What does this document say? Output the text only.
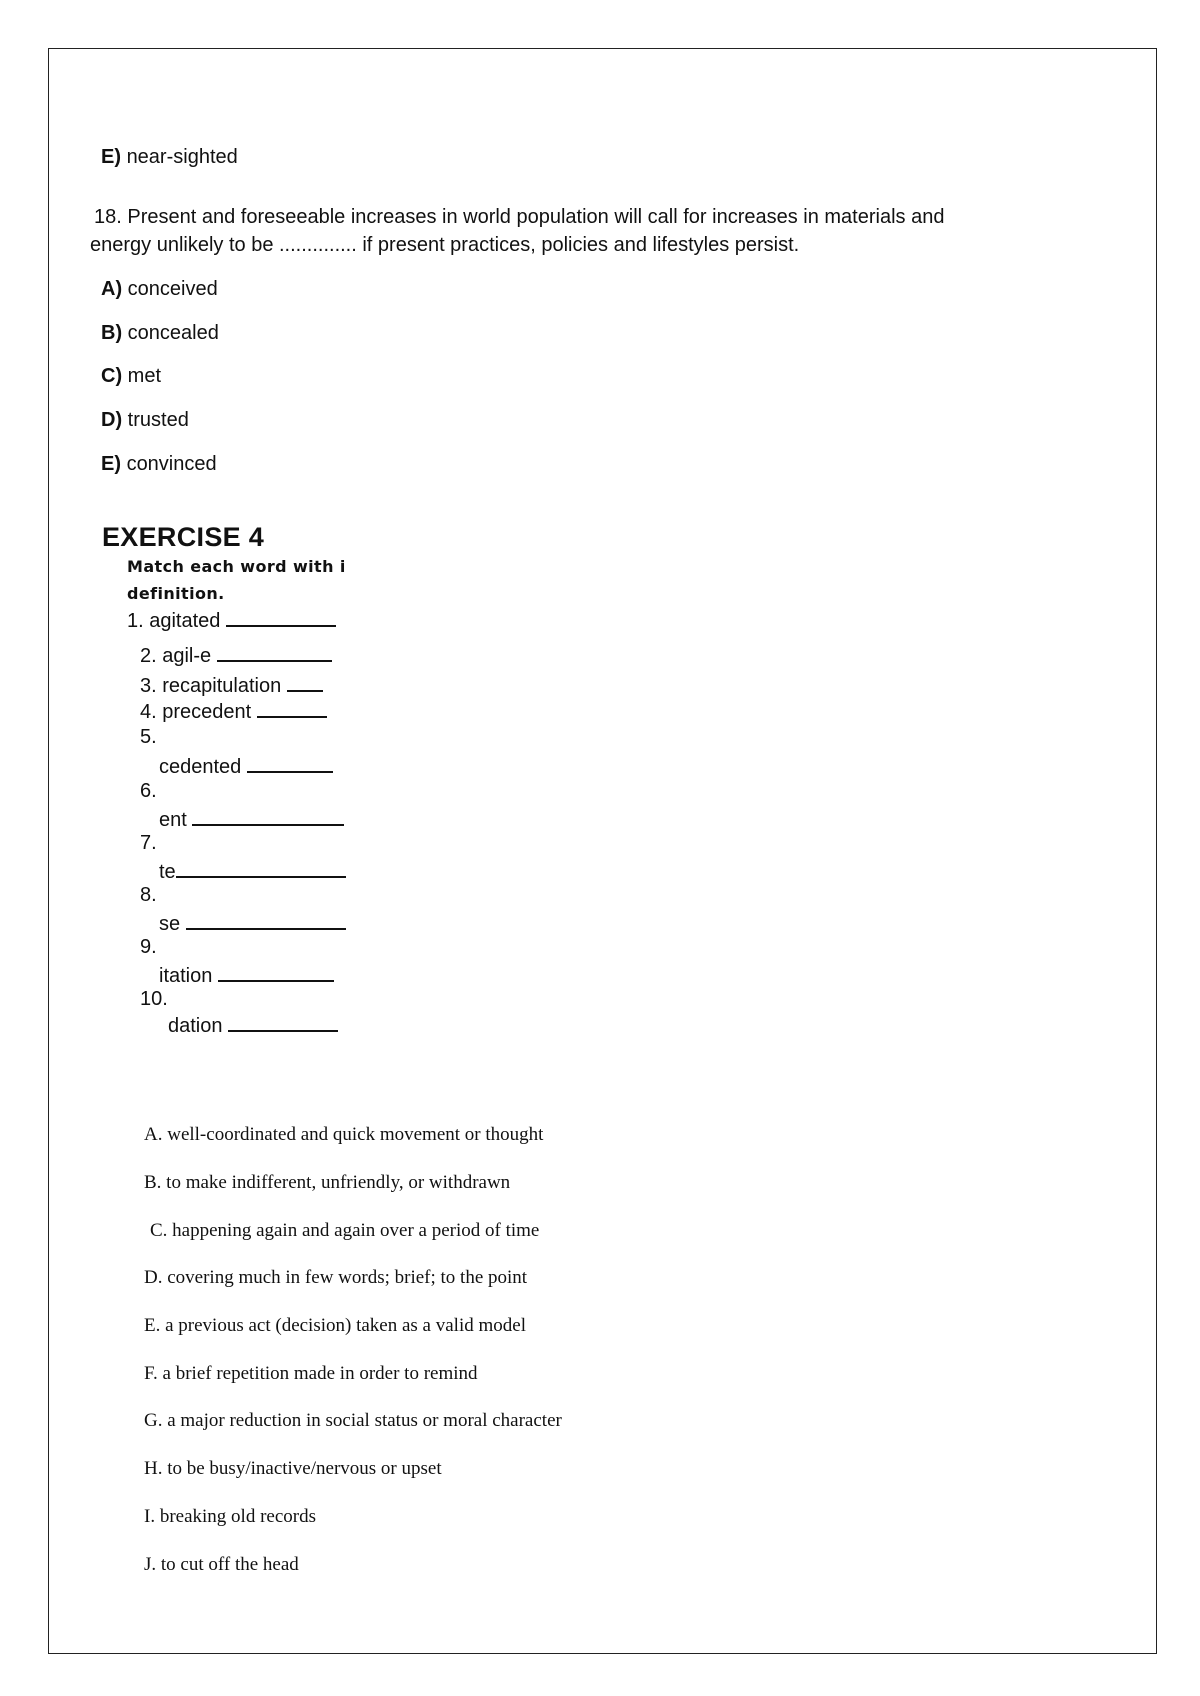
E) near-sighted
18. Present and foreseeable increases in world population will call for increases in materials and
energy unlikely to be .............. if present practices, policies and lifestyles persist.
A) conceived
B) concealed
C) met
D) trusted
E) convinced
EXERCISE 4
Match each word with i
definition.
1. agitated
2. agil-e
3. recapitulation
4. precedent
5.
cedented
6.
ent
7.
te
8.
se
9.
itation
10.
dation
A. well-coordinated and quick movement or thought
B. to make indifferent, unfriendly, or withdrawn
C. happening again and again over a period of time
D. covering much in few words; brief; to the point
E. a previous act (decision) taken as a valid model
F. a brief repetition made in order to remind
G. a major reduction in social status or moral character
H. to be busy/inactive/nervous or upset
I. breaking old records
J. to cut off the head
